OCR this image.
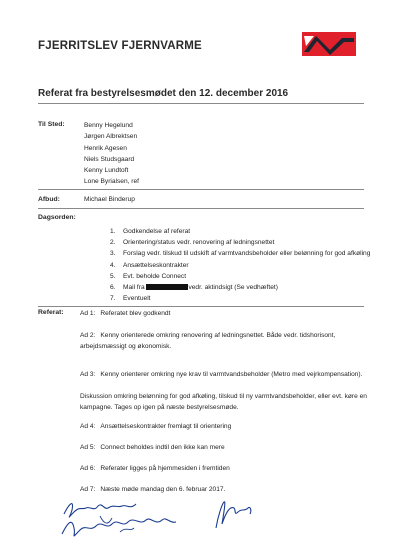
FJERRITSLEV FJERNVARME
Referat fra bestyrelsesmødet den 12. december 2016
Til Sted:	Benny Hegelund
Jørgen Albrektsen
Henrik Agesen
Niels Studsgaard
Kenny Lundtoft
Lone Byrialsen, ref
Afbud:	Michael Binderup
Dagsorden:
1. Godkendelse af referat
2. Orientering/status vedr. renovering af ledningsnettet
3. Forslag vedr. tilskud til udskift af varmtvandsbeholder eller belønning for god afkøling
4. Ansættelseskontrakter
5. Evt. beholde Connect
6. Mail fra	vedr. aktindsigt (Se vedhæftet)
7. Eventuelt
Referat: Ad 1: Referatet blev godkendt
Ad 2: Kenny orienterede omkring renovering af ledningsnettet. Både vedr. tidshorisont, arbejdsmæssigt og økonomisk.
Ad 3: Kenny orienterer omkring nye krav til varmtvandsbeholder (Metro med vejrkompensation).
Diskussion omkring belønning for god afkøling, tilskud til ny varmtvandsbeholder, eller evt. køre en kampagne. Tages op igen på næste bestyrelsesmøde.
Ad 4: Ansættelseskontrakter fremlagt til orientering
Ad 5: Connect beholdes indtil den ikke kan mere
Ad 6: Referater ligges på hjemmesiden i fremtiden
Ad 7: Næste møde mandag den 6. februar 2017.
